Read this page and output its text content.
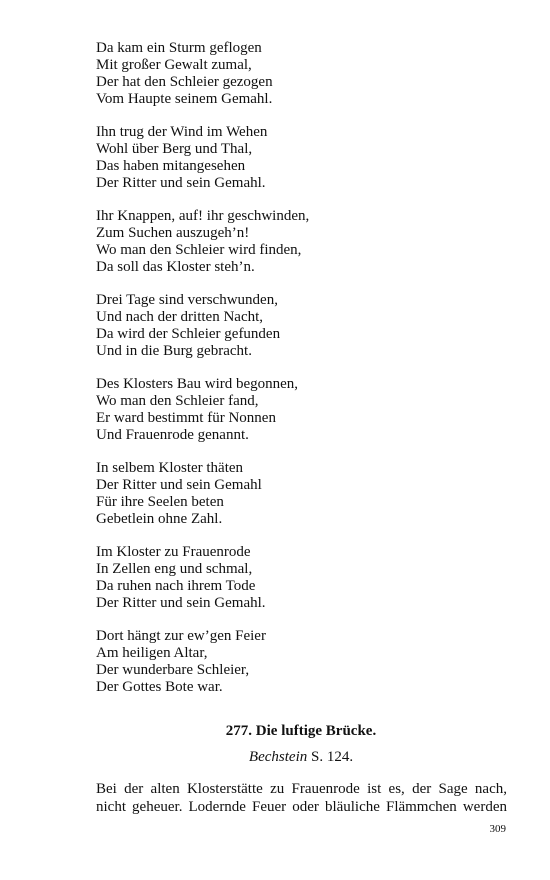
Da kam ein Sturm geflogen
Mit großer Gewalt zumal,
Der hat den Schleier gezogen
Vom Haupte seinem Gemahl.
Ihn trug der Wind im Wehen
Wohl über Berg und Thal,
Das haben mitangesehen
Der Ritter und sein Gemahl.
Ihr Knappen, auf! ihr geschwinden,
Zum Suchen auszugeh’n!
Wo man den Schleier wird finden,
Da soll das Kloster steh’n.
Drei Tage sind verschwunden,
Und nach der dritten Nacht,
Da wird der Schleier gefunden
Und in die Burg gebracht.
Des Klosters Bau wird begonnen,
Wo man den Schleier fand,
Er ward bestimmt für Nonnen
Und Frauenrode genannt.
In selbem Kloster thäten
Der Ritter und sein Gemahl
Für ihre Seelen beten
Gebetlein ohne Zahl.
Im Kloster zu Frauenrode
In Zellen eng und schmal,
Da ruhen nach ihrem Tode
Der Ritter und sein Gemahl.
Dort hängt zur ew’gen Feier
Am heiligen Altar,
Der wunderbare Schleier,
Der Gottes Bote war.
277. Die luftige Brücke.
Bechstein S. 124.
Bei der alten Klosterstätte zu Frauenrode ist es, der Sage nach,
nicht geheuer. Lodernde Feuer oder bläuliche Flämmchen werden
309
